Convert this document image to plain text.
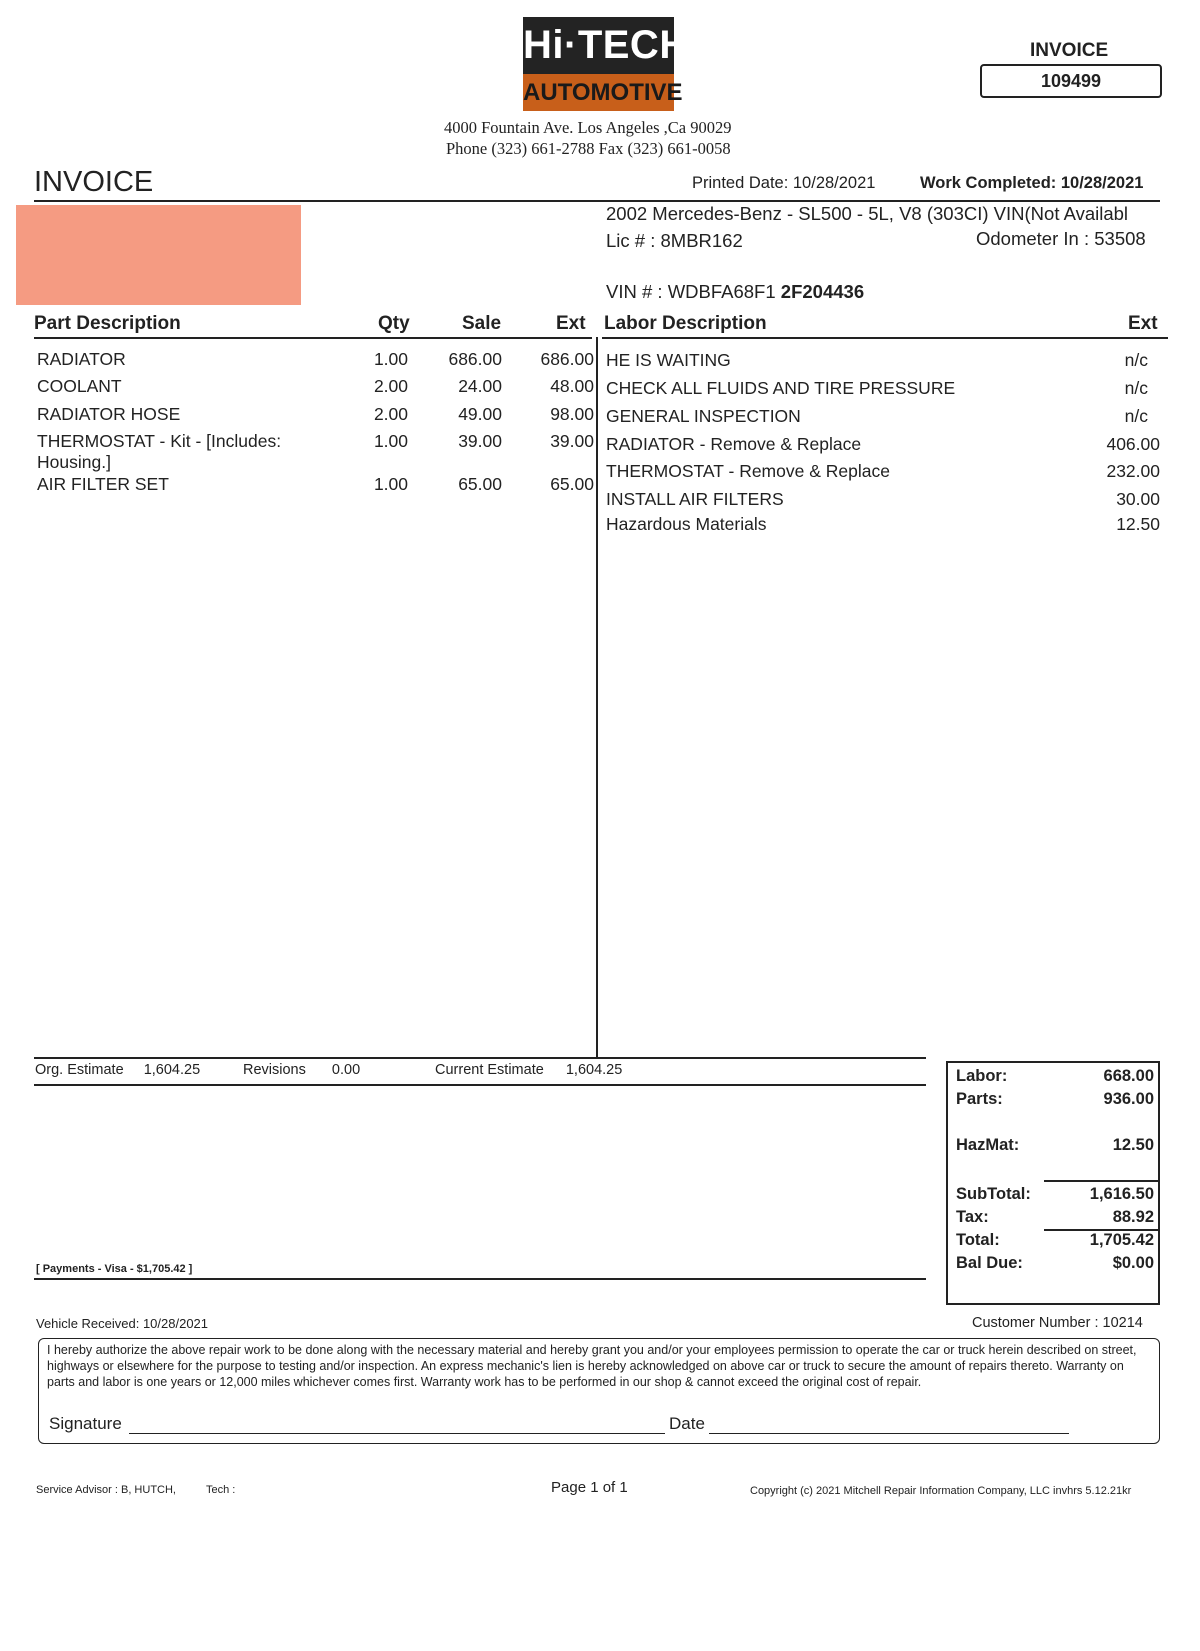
Hi·TECH
AUTOMOTIVE
4000 Fountain Ave. Los Angeles ,Ca 90029
Phone (323) 661-2788 Fax (323) 661-0058
INVOICE
109499
INVOICE	Printed Date: 10/28/2021	Work Completed: 10/28/2021
2002 Mercedes-Benz - SL500 - 5L, V8 (303CI) VIN(Not Availabl
Lic # : 8MBR162	Odometer In : 53508
VIN # : WDBFA68F1 2F204436
Part Description	Qty	Sale	Ext Labor Description	Ext
RADIATOR	1.00	686.00	686.00
COOLANT	2.00	24.00	48.00
RADIATOR HOSE	2.00	49.00	98.00
THERMOSTAT - Kit - [Includes:
Housing.]
1.00	39.00	39.00
AIR FILTER SET	1.00	65.00	65.00
HE IS WAITING	n/c
CHECK ALL FLUIDS AND TIRE PRESSURE	n/c
GENERAL INSPECTION	n/c
RADIATOR - Remove & Replace	406.00
THERMOSTAT - Remove & Replace	232.00
INSTALL AIR FILTERS	30.00
Hazardous Materials	12.50
Org. Estimate 1,604.25	Revisions 0.00	Current Estimate 1,604.25
[ Payments - Visa - $1,705.42 ]
Labor:	668.00
Parts:	936.00
HazMat:	12.50
SubTotal:	1,616.50
Tax:	88.92
Total:	1,705.42
Bal Due:	$0.00
Vehicle Received: 10/28/2021	Customer Number : 10214
I hereby authorize the above repair work to be done along with the necessary material and hereby grant you and/or your employees permission to operate the car or truck herein described on street, highways or elsewhere for the purpose to testing and/or inspection. An express mechanic's lien is hereby acknowledged on above car or truck to secure the amount of repairs thereto. Warranty on parts and labor is one years or 12,000 miles whichever comes first. Warranty work has to be performed in our shop & cannot exceed the original cost of repair.
Signature	Date
Service Advisor : B, HUTCH,	Tech :	Page 1 of 1	Copyright (c) 2021 Mitchell Repair Information Company, LLC invhrs 5.12.21kr
